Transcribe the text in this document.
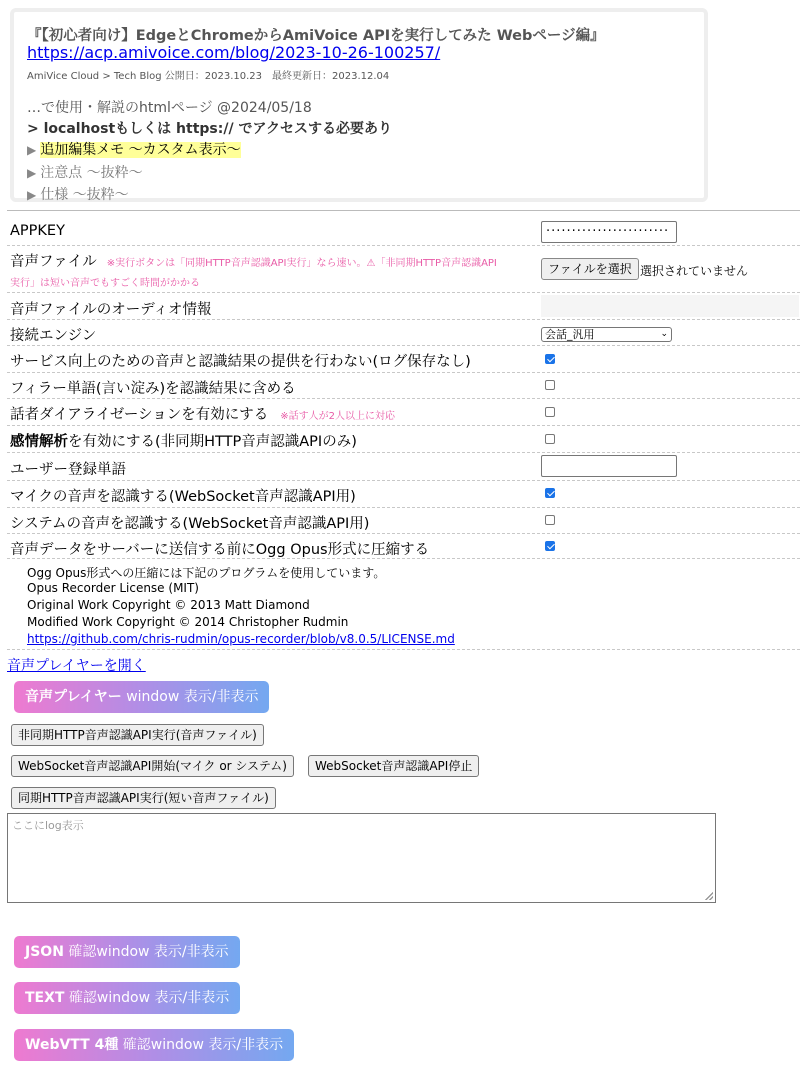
『【初心者向け】EdgeとChromeからAmiVoice APIを実行してみた Webページ編』
https://acp.amivoice.com/blog/2023-10-26-100257/
AmiVice Cloud > Tech Blog 公開日：2023.10.23　最終更新日：2023.12.04
…で使用・解説のhtmlページ @2024/05/18
> localhostもしくは https:// でアクセスする必要あり
▶ 追加編集メモ 〜カスタム表示〜
▶ 注意点 〜抜粋〜
▶ 仕様 〜抜粋〜
APPKEY	························
音声ファイル ※実行ボタンは「同期HTTP音声認識API実行」なら速い。⚠「非同期HTTP音声認識API
実行」は短い音声でもすごく時間がかかる
ファイルを選択 選択されていません
音声ファイルのオーディオ情報
接続エンジン	会話_汎用	⌄
サービス向上のための音声と認識結果の提供を行わない(ログ保存なし)
フィラー単語(言い淀み)を認識結果に含める
話者ダイアライゼーションを有効にする ※話す人が2人以上に対応
感情解析を有効にする(非同期HTTP音声認識APIのみ)
ユーザー登録単語
マイクの音声を認識する(WebSocket音声認識API用)
システムの音声を認識する(WebSocket音声認識API用)
音声データをサーバーに送信する前にOgg Opus形式に圧縮する
Ogg Opus形式への圧縮には下記のプログラムを使用しています。
Opus Recorder License (MIT)
Original Work Copyright © 2013 Matt Diamond
Modified Work Copyright © 2014 Christopher Rudmin
https://github.com/chris-rudmin/opus-recorder/blob/v8.0.5/LICENSE.md
音声プレイヤーを開く
音声プレイヤー window 表示/非表示
非同期HTTP音声認識API実行(音声ファイル)
WebSocket音声認識API開始(マイク or システム)	WebSocket音声認識API停止
同期HTTP音声認識API実行(短い音声ファイル)
ここにlog表示
JSON 確認window 表示/非表示
TEXT 確認window 表示/非表示
WebVTT 4種 確認window 表示/非表示
